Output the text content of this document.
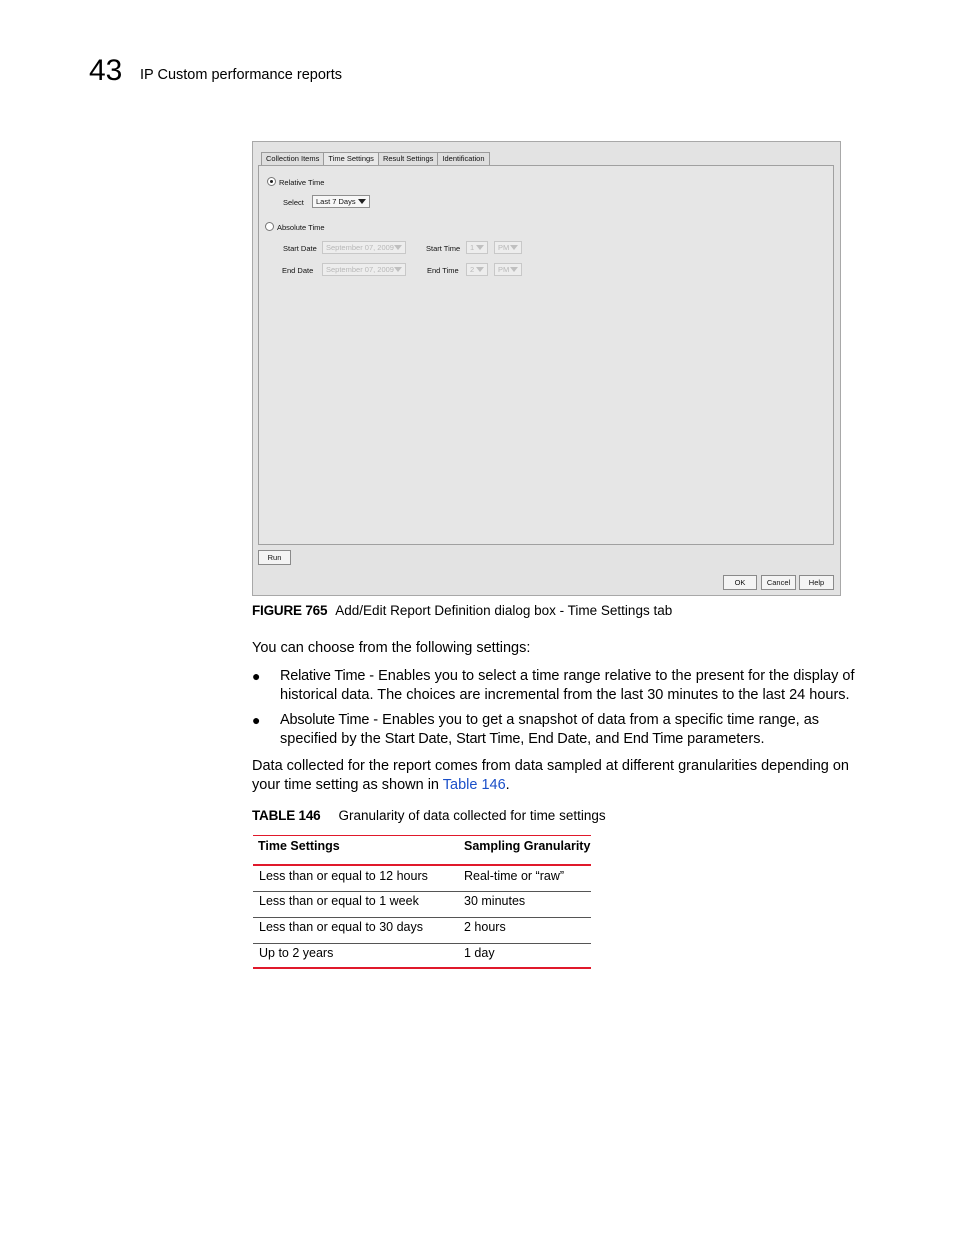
43 IP Custom performance reports
Collection Items	Time Settings	Result Settings	Identification
Relative Time
Select	Last 7 Days
Absolute Time
Start Date	September 07, 2009	Start Time	1	PM
End Date	September 07, 2009	End Time	2	PM
Run
OK	Cancel	Help
FIGURE 765 Add/Edit Report Definition dialog box - Time Settings tab
You can choose from the following settings:
● Relative Time - Enables you to select a time range relative to the present for the display of
historical data. The choices are incremental from the last 30 minutes to the last 24 hours.
● Absolute Time - Enables you to get a snapshot of data from a specific time range, as
specified by the Start Date, Start Time, End Date, and End Time parameters.
Data collected for the report comes from data sampled at different granularities depending on
your time setting as shown in Table 146.
TABLE 146 Granularity of data collected for time settings
Time Settings	Sampling Granularity
Less than or equal to 12 hours	Real-time or “raw”
Less than or equal to 1 week	30 minutes
Less than or equal to 30 days	2 hours
Up to 2 years	1 day
